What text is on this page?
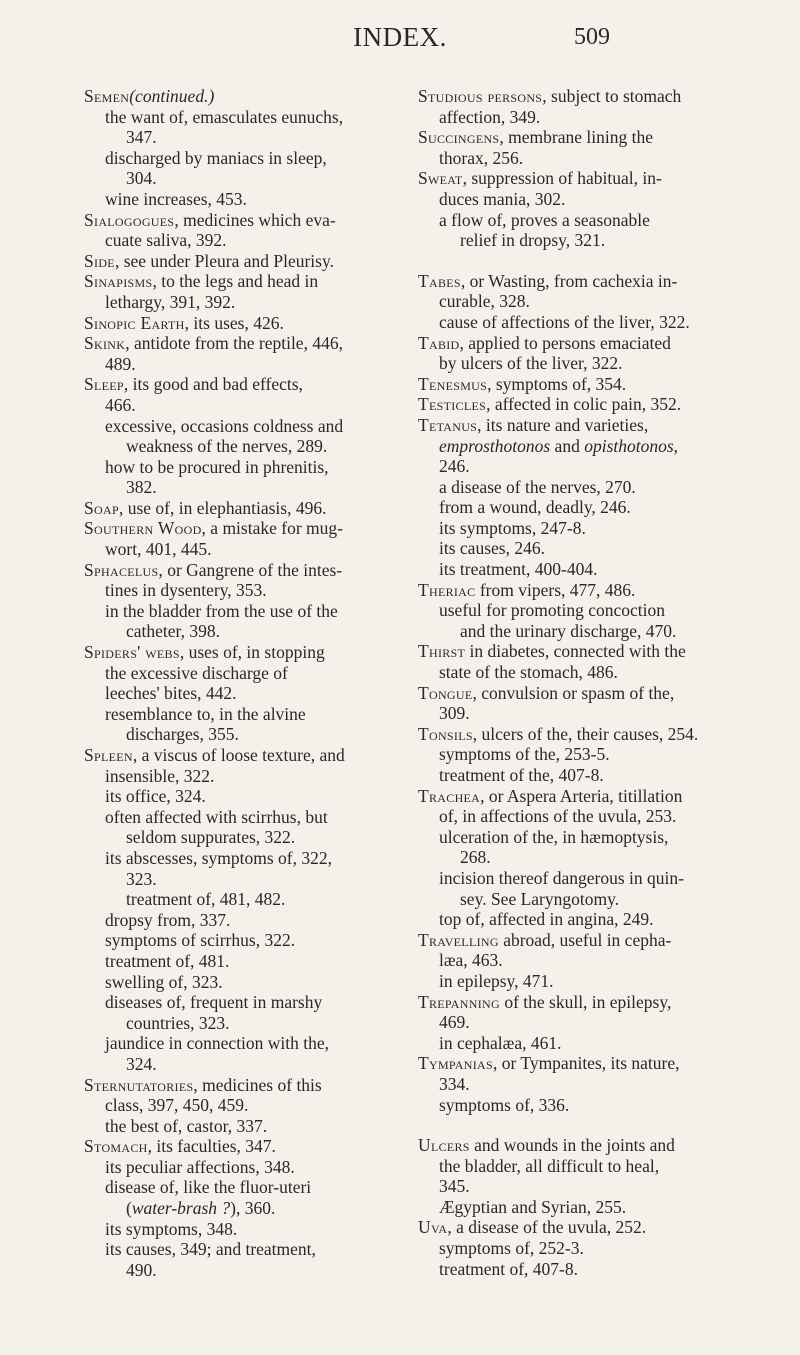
INDEX.	509
Semen(continued.)
the want of, emasculates eunuchs,
347.
discharged by maniacs in sleep,
304.
wine increases, 453.
Sialogogues, medicines which eva-
cuate saliva, 392.
Side, see under Pleura and Pleurisy.
Sinapisms, to the legs and head in
lethargy, 391, 392.
Sinopic Earth, its uses, 426.
Skink, antidote from the reptile, 446,
489.
Sleep, its good and bad effects,
466.
excessive, occasions coldness and
weakness of the nerves, 289.
how to be procured in phrenitis,
382.
Soap, use of, in elephantiasis, 496.
Southern Wood, a mistake for mug-
wort, 401, 445.
Sphacelus, or Gangrene of the intes-
tines in dysentery, 353.
in the bladder from the use of the
catheter, 398.
Spiders' webs, uses of, in stopping
the excessive discharge of
leeches' bites, 442.
resemblance to, in the alvine
discharges, 355.
Spleen, a viscus of loose texture, and
insensible, 322.
its office, 324.
often affected with scirrhus, but
seldom suppurates, 322.
its abscesses, symptoms of, 322,
323.
treatment of, 481, 482.
dropsy from, 337.
symptoms of scirrhus, 322.
treatment of, 481.
swelling of, 323.
diseases of, frequent in marshy
countries, 323.
jaundice in connection with the,
324.
Sternutatories, medicines of this
class, 397, 450, 459.
the best of, castor, 337.
Stomach, its faculties, 347.
its peculiar affections, 348.
disease of, like the fluor-uteri
(water-brash ?), 360.
its symptoms, 348.
its causes, 349; and treatment,
490.
Studious persons, subject to stomach
affection, 349.
Succingens, membrane lining the
thorax, 256.
Sweat, suppression of habitual, in-
duces mania, 302.
a flow of, proves a seasonable
relief in dropsy, 321.
Tabes, or Wasting, from cachexia in-
curable, 328.
cause of affections of the liver, 322.
Tabid, applied to persons emaciated
by ulcers of the liver, 322.
Tenesmus, symptoms of, 354.
Testicles, affected in colic pain, 352.
Tetanus, its nature and varieties,
emprosthotonos and opisthotonos,
246.
a disease of the nerves, 270.
from a wound, deadly, 246.
its symptoms, 247-8.
its causes, 246.
its treatment, 400-404.
Theriac from vipers, 477, 486.
useful for promoting concoction
and the urinary discharge, 470.
Thirst in diabetes, connected with the
state of the stomach, 486.
Tongue, convulsion or spasm of the,
309.
Tonsils, ulcers of the, their causes, 254.
symptoms of the, 253-5.
treatment of the, 407-8.
Trachea, or Aspera Arteria, titillation
of, in affections of the uvula, 253.
ulceration of the, in hæmoptysis,
268.
incision thereof dangerous in quin-
sey. See Laryngotomy.
top of, affected in angina, 249.
Travelling abroad, useful in cepha-
læa, 463.
in epilepsy, 471.
Trepanning of the skull, in epilepsy,
469.
in cephalæa, 461.
Tympanias, or Tympanites, its nature,
334.
symptoms of, 336.
Ulcers and wounds in the joints and
the bladder, all difficult to heal,
345.
Ægyptian and Syrian, 255.
Uva, a disease of the uvula, 252.
symptoms of, 252-3.
treatment of, 407-8.
